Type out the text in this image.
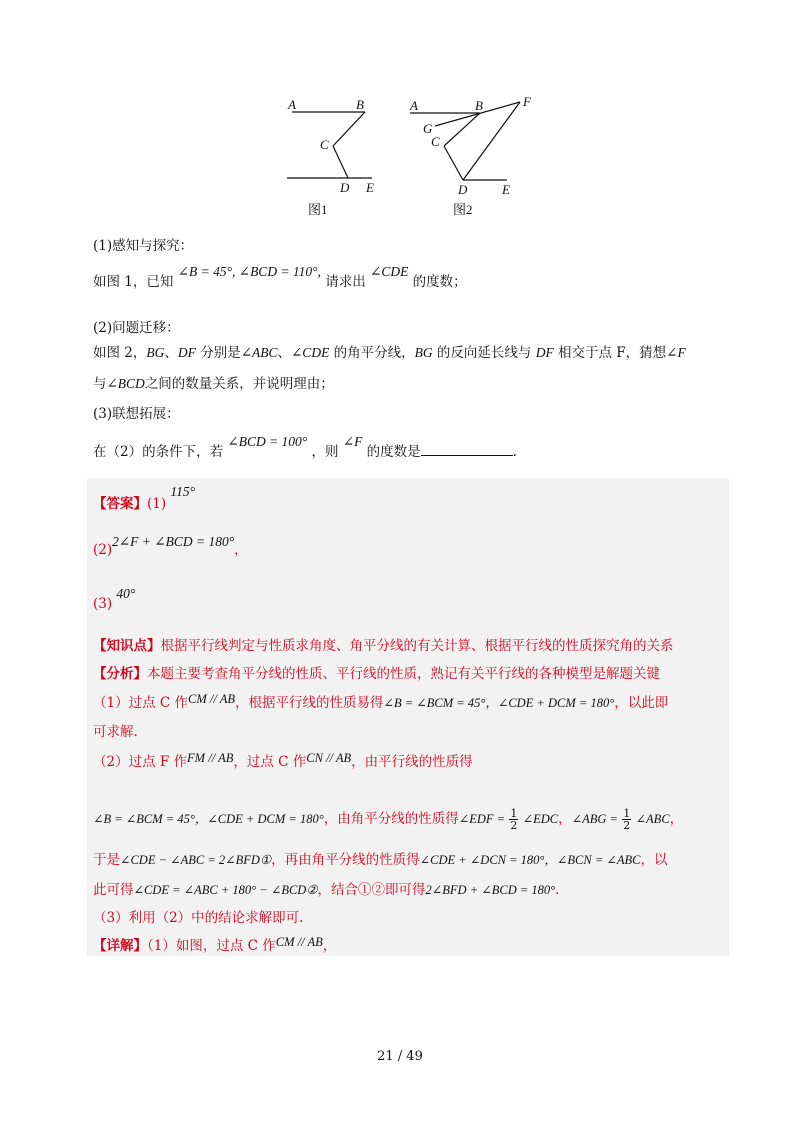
A	B
C
D E
A	B
G
C
F
D	E
图1	图2
(1)感知与探究：
如图 1，已知 ∠B = 45°, ∠BCD = 110°, 请求出 ∠CDE 的度数；
(2)问题迁移：
如图 2，BG、DF 分别是∠ABC、∠CDE 的角平分线，BG 的反向延长线与 DF 相交于点 F，猜想∠F
与∠BCD之间的数量关系，并说明理由；
(3)联想拓展：
在（2）的条件下，若 ∠BCD = 100° ，则 ∠F 的度数是	.
【答案】(1) 115°
(2)2∠F + ∠BCD = 180°，
(3) 40°
【知识点】根据平行线判定与性质求角度、角平分线的有关计算、根据平行线的性质探究角的关系
【分析】本题主要考查角平分线的性质、平行线的性质，熟记有关平行线的各种模型是解题关键
（1）过点 C 作CM // AB，根据平行线的性质易得∠B = ∠BCM = 45°，∠CDE + DCM = 180°，以此即
可求解.
（2）过点 F 作FM // AB，过点 C 作CN // AB，由平行线的性质得
∠B = ∠BCM = 45°，∠CDE + DCM = 180°，由角平分线的性质得∠EDF = $\frac{1}{2}$ ∠EDC，∠ABG = $\frac{1}{2}$ ∠ABC，
于是∠CDE − ∠ABC = 2∠BFD①，再由角平分线的性质得∠CDE + ∠DCN = 180°，∠BCN = ∠ABC，以
此可得∠CDE = ∠ABC + 180° − ∠BCD②，结合①②即可得2∠BFD + ∠BCD = 180°.
（3）利用（2）中的结论求解即可.
【详解】（1）如图，过点 C 作CM // AB，
21 / 49
